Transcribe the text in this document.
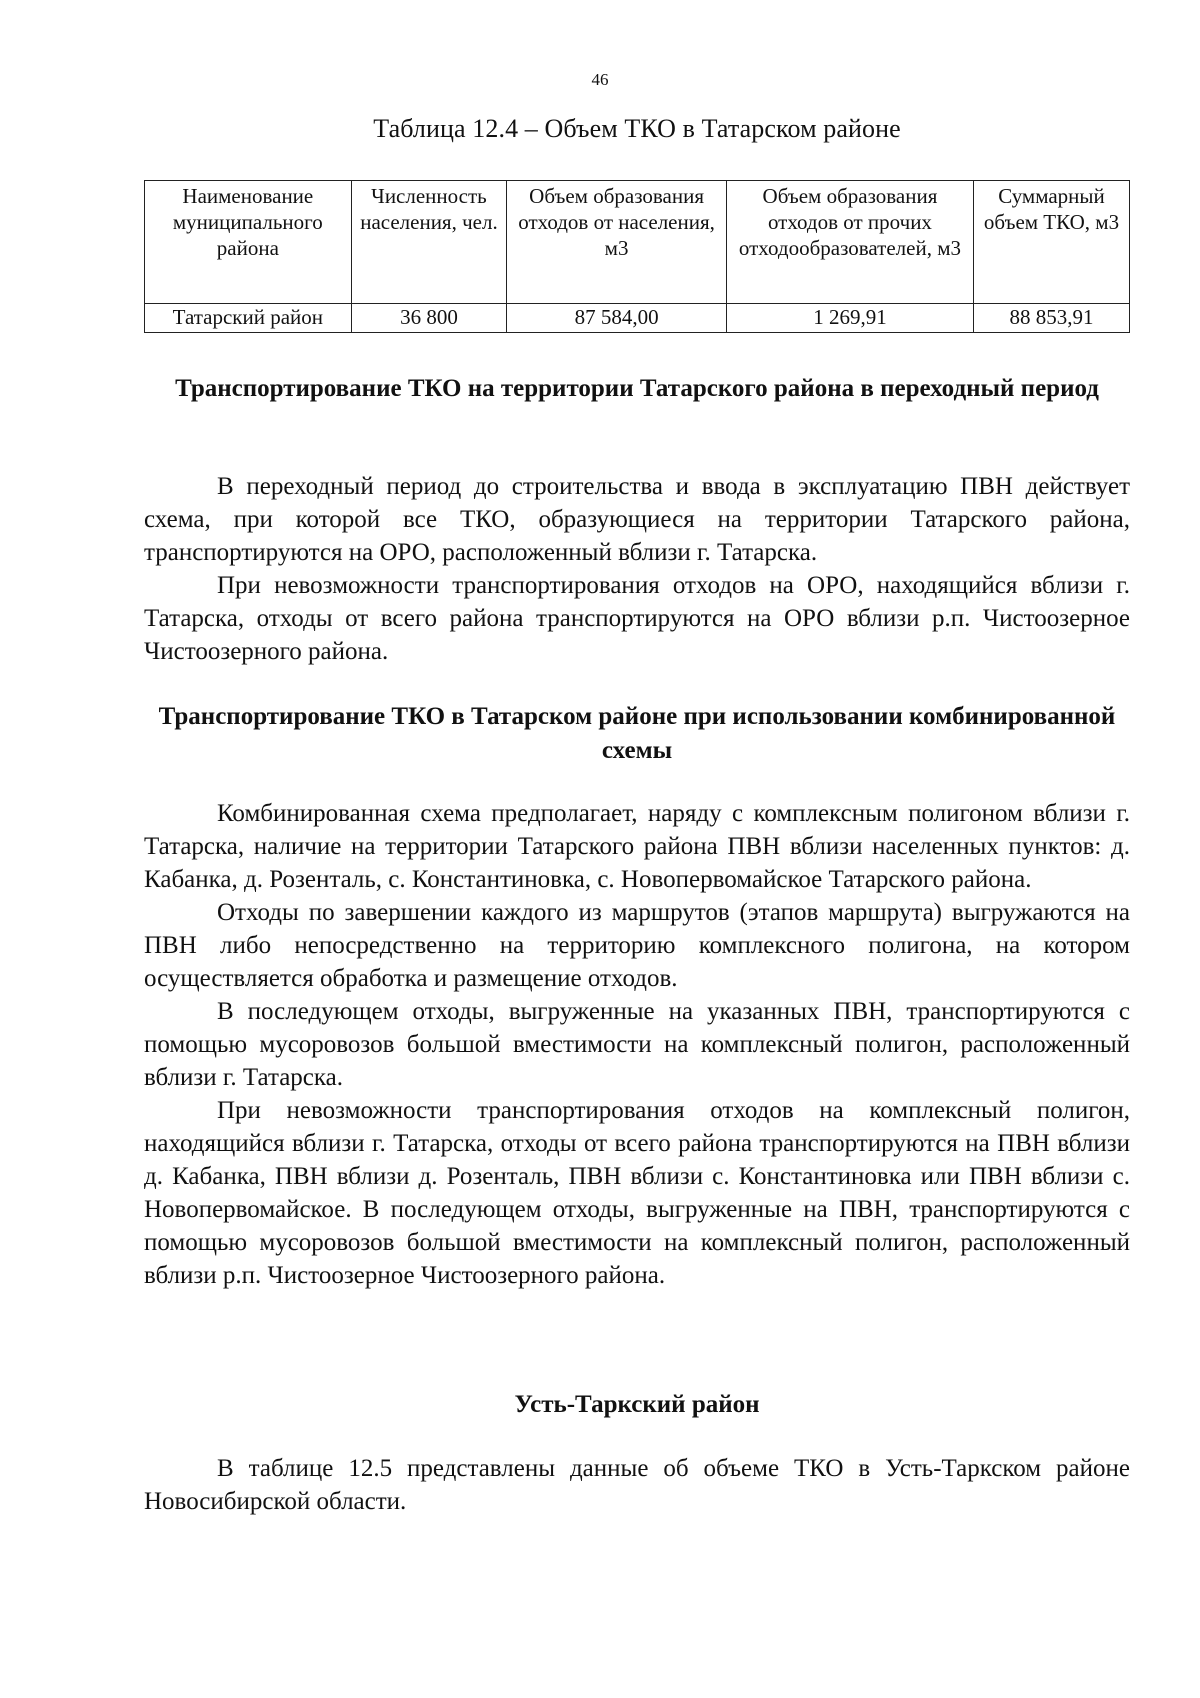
46
Таблица 12.4 – Объем ТКО в Татарском районе
Наименование муниципального района	Численность населения, чел.	Объем образования отходов от населения, м3	Объем образования отходов от прочих отходообразователей, м3	Суммарный объем ТКО, м3
Татарский район	36 800	87 584,00	1 269,91	88 853,91
Транспортирование ТКО на территории Татарского района в переходный период

В переходный период до строительства и ввода в эксплуатацию ПВН действует схема, при которой все ТКО, образующиеся на территории Татарского района, транспортируются на ОРО, расположенный вблизи г. Татарска.

При невозможности транспортирования отходов на ОРО, находящийся вблизи г. Татарска, отходы от всего района транспортируются на ОРО вблизи р.п. Чистоозерное Чистоозерного района.

Транспортирование ТКО в Татарском районе при использовании комбинированной схемы

Комбинированная схема предполагает, наряду с комплексным полигоном вблизи г. Татарска, наличие на территории Татарского района ПВН вблизи населенных пунктов: д. Кабанка, д. Розенталь, с. Константиновка, с. Новопервомайское Татарского района.

Отходы по завершении каждого из маршрутов (этапов маршрута) выгружаются на ПВН либо непосредственно на территорию комплексного полигона, на котором осуществляется обработка и размещение отходов.

В последующем отходы, выгруженные на указанных ПВН, транспортируются с помощью мусоровозов большой вместимости на комплексный полигон, расположенный вблизи г. Татарска.

При невозможности транспортирования отходов на комплексный полигон, находящийся вблизи г. Татарска, отходы от всего района транспортируются на ПВН вблизи д. Кабанка, ПВН вблизи д. Розенталь, ПВН вблизи с. Константиновка или ПВН вблизи с. Новопервомайское. В последующем отходы, выгруженные на ПВН, транспортируются с помощью мусоровозов большой вместимости на комплексный полигон, расположенный вблизи р.п. Чистоозерное Чистоозерного района.

Усть-Таркский район

В таблице 12.5 представлены данные об объеме ТКО в Усть-Таркском районе Новосибирской области.
